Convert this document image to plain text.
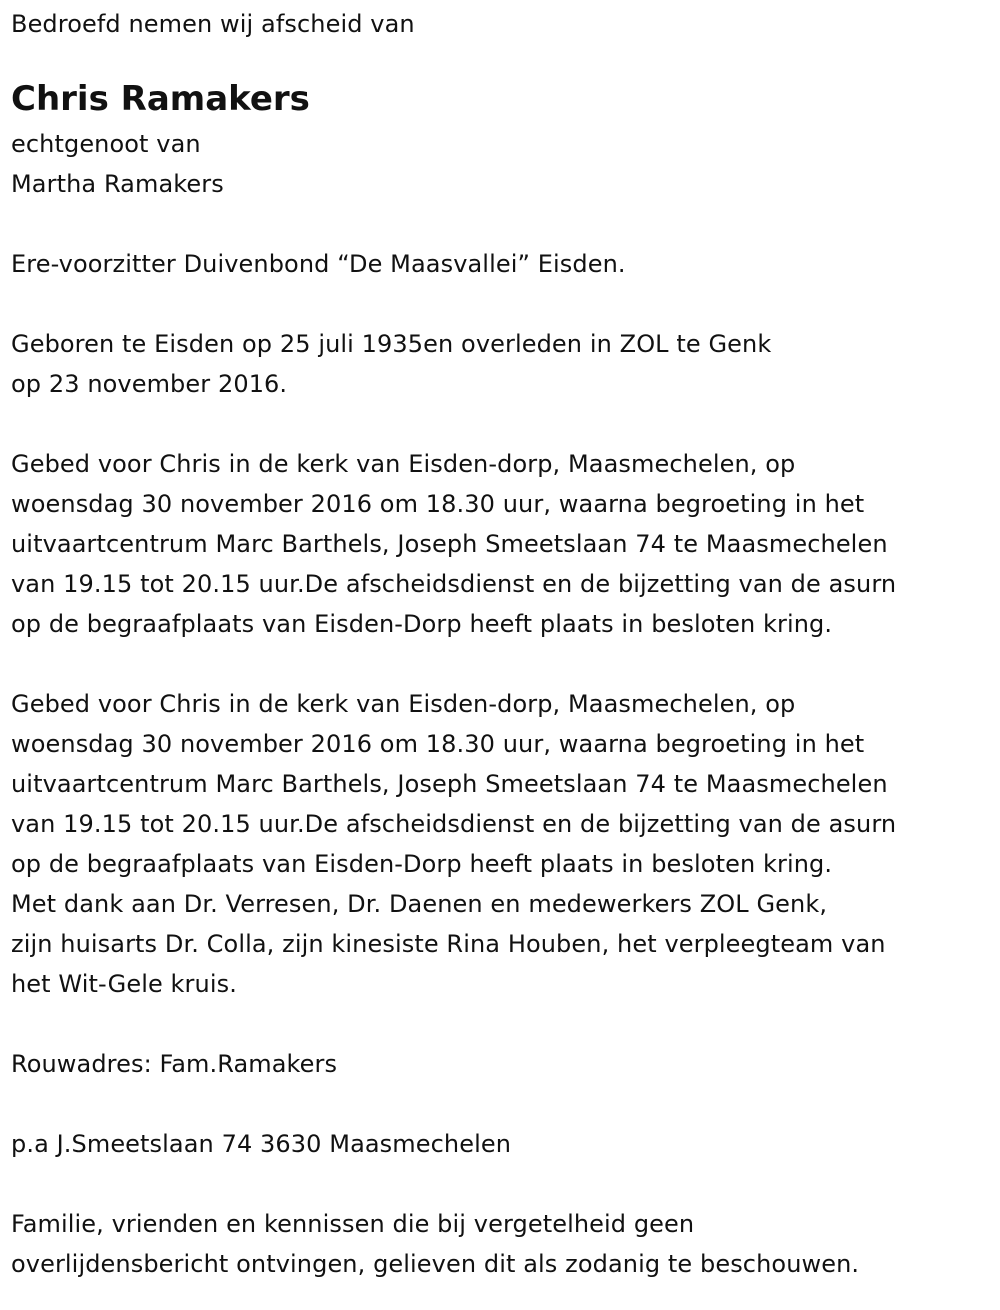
Bedroefd nemen wij afscheid van
Chris Ramakers
echtgenoot van
Martha Ramakers
Ere-voorzitter Duivenbond “De Maasvallei” Eisden.
Geboren te Eisden op 25 juli 1935en overleden in ZOL te Genk
op 23 november 2016.
Gebed voor Chris in de kerk van Eisden-dorp, Maasmechelen, op
woensdag 30 november 2016 om 18.30 uur, waarna begroeting in het
uitvaartcentrum Marc Barthels, Joseph Smeetslaan 74 te Maasmechelen
van 19.15 tot 20.15 uur.De afscheidsdienst en de bijzetting van de asurn
op de begraafplaats van Eisden-Dorp heeft plaats in besloten kring.
Gebed voor Chris in de kerk van Eisden-dorp, Maasmechelen, op
woensdag 30 november 2016 om 18.30 uur, waarna begroeting in het
uitvaartcentrum Marc Barthels, Joseph Smeetslaan 74 te Maasmechelen
van 19.15 tot 20.15 uur.De afscheidsdienst en de bijzetting van de asurn
op de begraafplaats van Eisden-Dorp heeft plaats in besloten kring.
Met dank aan Dr. Verresen, Dr. Daenen en medewerkers ZOL Genk,
zijn huisarts Dr. Colla, zijn kinesiste Rina Houben, het verpleegteam van
het Wit-Gele kruis.
Rouwadres: Fam.Ramakers
p.a J.Smeetslaan 74 3630 Maasmechelen
Familie, vrienden en kennissen die bij vergetelheid geen
overlijdensbericht ontvingen, gelieven dit als zodanig te beschouwen.
